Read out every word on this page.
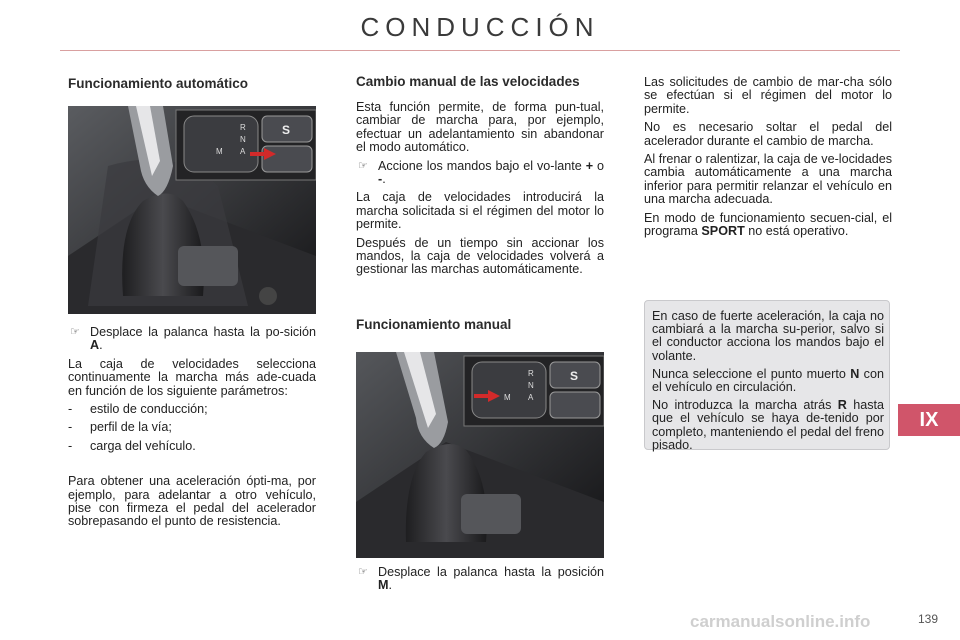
CONDUCCIÓN
Funcionamiento automático
R
N
A
M
S
☞ Desplace la palanca hasta la po-sición A.

La caja de velocidades selecciona continuamente la marcha más ade-cuada en función de los siguiente parámetros:

-	estilo de conducción;
-	perfil de la vía;
-	carga del vehículo.

Para obtener una aceleración ópti-ma, por ejemplo, para adelantar a otro vehículo, pise con firmeza el pedal del acelerador sobrepasando el punto de resistencia.

Cambio manual de las velocidades

Esta función permite, de forma pun-tual, cambiar de marcha para, por ejemplo, efectuar un adelantamiento sin abandonar el modo automático.

☞ Accione los mandos bajo el vo-lante + o -.

La caja de velocidades introducirá la marcha solicitada si el régimen del motor lo permite.

Después de un tiempo sin accionar los mandos, la caja de velocidades volverá a gestionar las marchas automáticamente.

Funcionamiento manual
R
N
A
M
S
☞ Desplace la palanca hasta la posición M.

Las solicitudes de cambio de mar-cha sólo se efectúan si el régimen del motor lo permite.

No es necesario soltar el pedal del acelerador durante el cambio de marcha.

Al frenar o ralentizar, la caja de ve-locidades cambia automáticamente a una marcha inferior para permitir relanzar el vehículo en una marcha adecuada.

En modo de funcionamiento secuen-cial, el programa SPORT no está operativo.

En caso de fuerte aceleración, la caja no cambiará a la marcha su-perior, salvo si el conductor acciona los mandos bajo el volante.

Nunca seleccione el punto muerto N con el vehículo en circulación.

No introduzca la marcha atrás R hasta que el vehículo se haya de-tenido por completo, manteniendo el pedal del freno pisado.

IX
carmanualsonline.info	139
